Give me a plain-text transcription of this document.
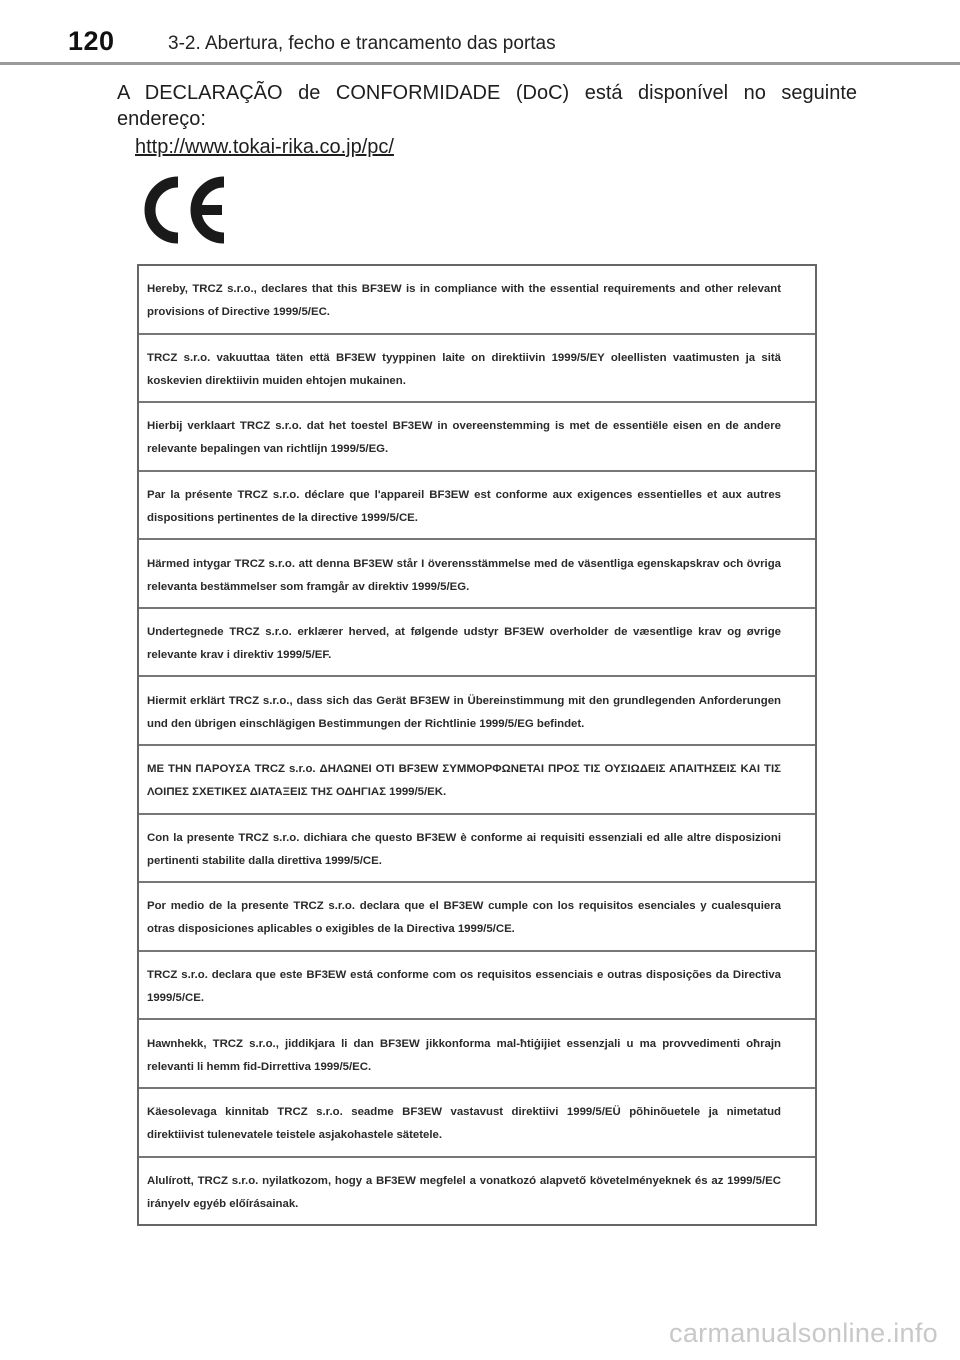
120	3-2. Abertura, fecho e trancamento das portas
A DECLARAÇÃO de CONFORMIDADE (DoC) está disponível no seguinte endereço:
http://www.tokai-rika.co.jp/pc/
Hereby, TRCZ s.r.o., declares that this BF3EW is in compliance with the essential requirements and other relevant provisions of Directive 1999/5/EC.
TRCZ s.r.o. vakuuttaa täten että BF3EW tyyppinen laite on direktiivin 1999/5/EY oleellisten vaatimusten ja sitä koskevien direktiivin muiden ehtojen mukainen.
Hierbij verklaart TRCZ s.r.o. dat het toestel BF3EW in overeenstemming is met de essentiële eisen en de andere relevante bepalingen van richtlijn 1999/5/EG.
Par la présente TRCZ s.r.o. déclare que l'appareil BF3EW est conforme aux exigences essentielles et aux autres dispositions pertinentes de la directive 1999/5/CE.
Härmed intygar TRCZ s.r.o. att denna BF3EW står I överensstämmelse med de väsentliga egenskapskrav och övriga relevanta bestämmelser som framgår av direktiv 1999/5/EG.
Undertegnede TRCZ s.r.o. erklærer herved, at følgende udstyr BF3EW overholder de væsentlige krav og øvrige relevante krav i direktiv 1999/5/EF.
Hiermit erklärt TRCZ s.r.o., dass sich das Gerät BF3EW in Übereinstimmung mit den grundlegenden Anforderungen und den übrigen einschlägigen Bestimmungen der Richtlinie 1999/5/EG befindet.
ΜΕ ΤΗΝ ΠΑΡΟΥΣΑ TRCZ s.r.o. ΔΗΛΩΝΕΙ ΟΤΙ BF3EW ΣΥΜΜΟΡΦΩΝΕΤΑΙ ΠΡΟΣ ΤΙΣ ΟΥΣΙΩΔΕΙΣ ΑΠΑΙΤΗΣΕΙΣ ΚΑΙ ΤΙΣ ΛΟΙΠΕΣ ΣΧΕΤΙΚΕΣ ΔΙΑΤΑΞΕΙΣ ΤΗΣ ΟΔΗΓΙΑΣ 1999/5/ΕΚ.
Con la presente TRCZ s.r.o. dichiara che questo BF3EW è conforme ai requisiti essenziali ed alle altre disposizioni pertinenti stabilite dalla direttiva 1999/5/CE.
Por medio de la presente TRCZ s.r.o. declara que el BF3EW cumple con los requisitos esenciales y cualesquiera otras disposiciones aplicables o exigibles de la Directiva 1999/5/CE.
TRCZ s.r.o. declara que este BF3EW está conforme com os requisitos essenciais e outras disposições da Directiva 1999/5/CE.
Hawnhekk, TRCZ s.r.o., jiddikjara li dan BF3EW jikkonforma mal-ħtiġijiet essenzjali u ma provvedimenti oħrajn relevanti li hemm fid-Dirrettiva 1999/5/EC.
Käesolevaga kinnitab TRCZ s.r.o. seadme BF3EW vastavust direktiivi 1999/5/EÜ põhinõuetele ja nimetatud direktiivist tulenevatele teistele asjakohastele sätetele.
Alulírott, TRCZ s.r.o. nyilatkozom, hogy a BF3EW megfelel a vonatkozó alapvető követelményeknek és az 1999/5/EC irányelv egyéb előírásainak.
carmanualsonline.info
